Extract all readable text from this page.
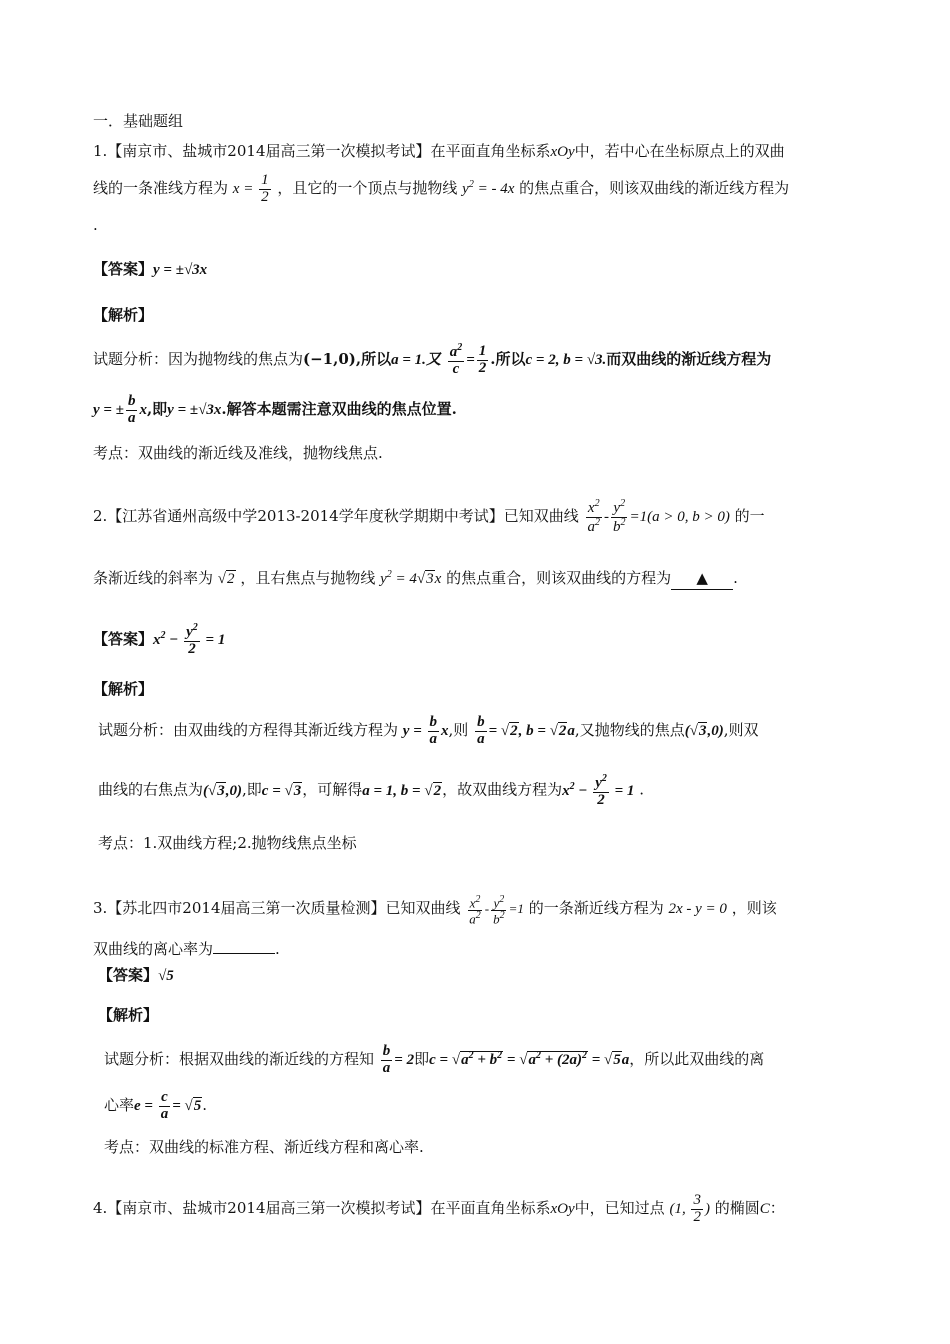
一．基础题组
1.【南京市、盐城市2014届高三第一次模拟考试】在平面直角坐标系xOy中，若中心在坐标原点上的双曲
线的一条准线方程为 $x = \frac{1}{2}$ ，且它的一个顶点与抛物线 $y^2$ = - 4x 的焦点重合，则该双曲线的渐近线方程为
.
【答案】y = ±√3x
【解析】
试题分析：因为抛物线的焦点为(−1,0),所以a = 1.又 $\frac{a^2}{c} = \frac{1}{2}$ .所以c = 2, b = √3.而双曲线的渐近线方程为
y = ± $\frac{b}{a} x$,即y = ±√3x.解答本题需注意双曲线的焦点位置.
考点：双曲线的渐近线及准线，抛物线焦点.
2.【江苏省通州高级中学2013-2014学年度秋学期期中考试】已知双曲线 $\frac{x^2}{a^2} - \frac{y^2}{b^2} =1(a > 0$, b > 0) 的一
条渐近线的斜率为 √2 ，且右焦点与抛物线 $y^2 = 4√3x$ 的焦点重合，则该双曲线的方程为 ▲ .
【答案】$x^2 - \frac{y^2}{2} = 1$
【解析】
试题分析：由双曲线的方程得其渐近线方程为 $y = \frac{b}{a} x$,则 $\frac{b}{a} = √2$, b = √2a,又抛物线的焦点(√3,0),则双
曲线的右焦点为(√3,0),即c = √3，可解得a = 1, b = √2，故双曲线方程为$x^2 - \frac{y^2}{2} = 1$ .
考点：1.双曲线方程;2.抛物线焦点坐标
3.【苏北四市2014届高三第一次质量检测】已知双曲线 $\frac{x^2}{a^2} - \frac{y^2}{b^2} =1$ 的一条渐近线方程为 2x - y = 0 ，则该
双曲线的离心率为	.
【答案】√5
【解析】
试题分析：根据双曲线的渐近线的方程知 $\frac{b}{a} = 2$即$c = √a^2 + b^2 = √a^2 + (2a)^2 = √5a$，所以此双曲线的离
心率$e = \frac{c}{a} = √5$.
考点：双曲线的标准方程、渐近线方程和离心率.
4.【南京市、盐城市2014届高三第一次模拟考试】在平面直角坐标系xOy中，已知过点 (1, $\frac{3}{2}$ ) 的椭圆C：
